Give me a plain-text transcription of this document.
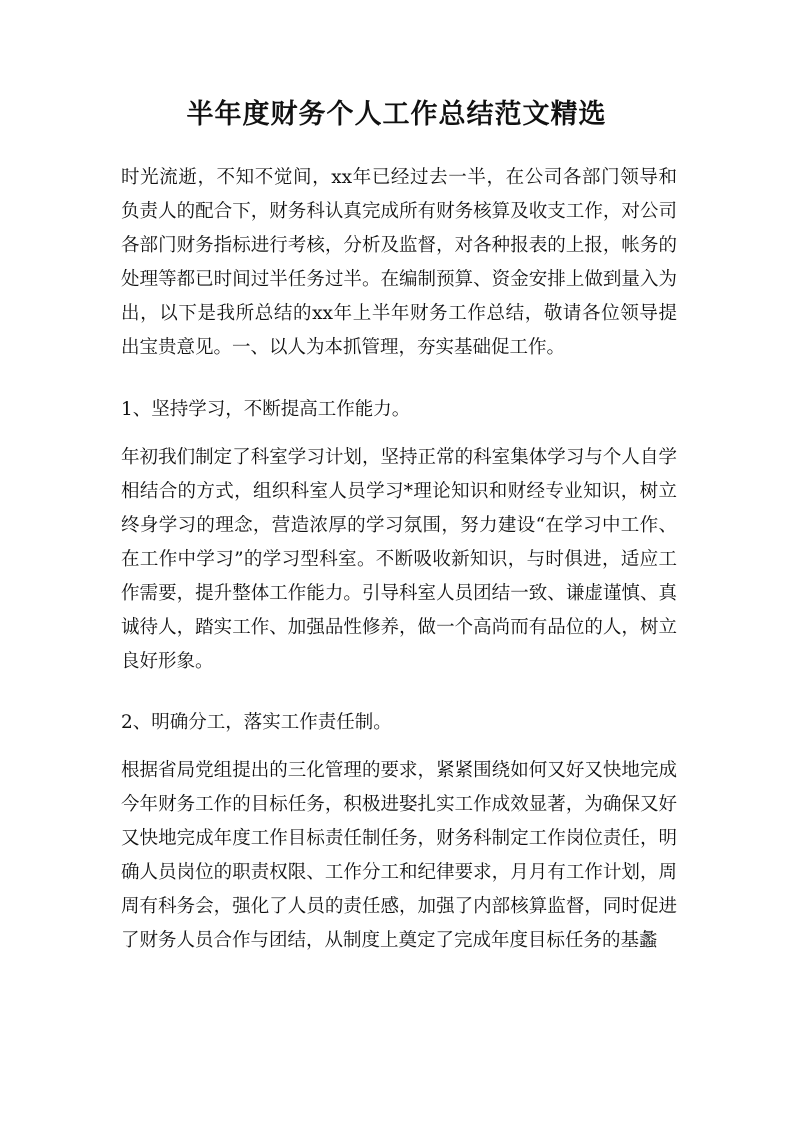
半年度财务个人工作总结范文精选

时光流逝，不知不觉间，xx年已经过去一半，在公司各部门领导和负责人的配合下，财务科认真完成所有财务核算及收支工作，对公司各部门财务指标进行考核，分析及监督，对各种报表的上报，帐务的处理等都已时间过半任务过半。在编制预算、资金安排上做到量入为出，以下是我所总结的xx年上半年财务工作总结，敬请各位领导提出宝贵意见。一、以人为本抓管理，夯实基础促工作。

1、坚持学习，不断提高工作能力。

年初我们制定了科室学习计划，坚持正常的科室集体学习与个人自学相结合的方式，组织科室人员学习*理论知识和财经专业知识，树立终身学习的理念，营造浓厚的学习氛围，努力建设“在学习中工作、在工作中学习”的学习型科室。不断吸收新知识，与时俱进，适应工作需要，提升整体工作能力。引导科室人员团结一致、谦虚谨慎、真诚待人，踏实工作、加强品性修养，做一个高尚而有品位的人，树立良好形象。

2、明确分工，落实工作责任制。

根据省局党组提出的三化管理的要求，紧紧围绕如何又好又快地完成今年财务工作的目标任务，积极进娶扎实工作成效显著，为确保又好又快地完成年度工作目标责任制任务，财务科制定工作岗位责任，明确人员岗位的职责权限、工作分工和纪律要求，月月有工作计划，周周有科务会，强化了人员的责任感，加强了内部核算监督，同时促进了财务人员合作与团结，从制度上奠定了完成年度目标任务的基蠡
